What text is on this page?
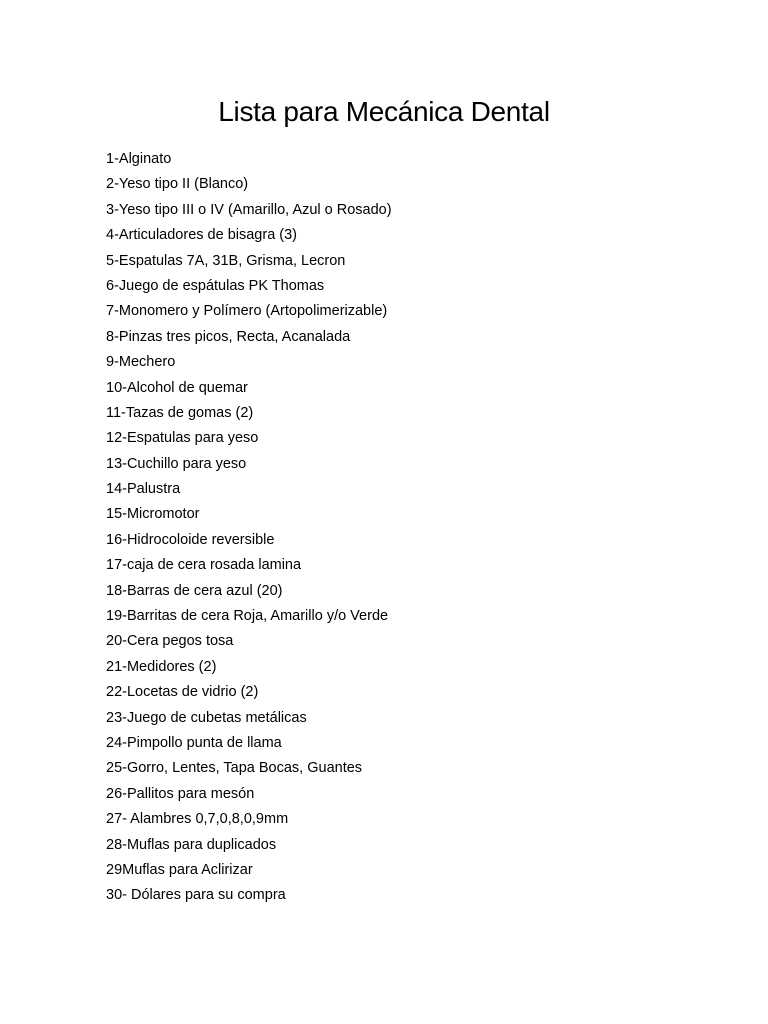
Lista para Mecánica Dental
1-Alginato
2-Yeso tipo II (Blanco)
3-Yeso tipo III o IV (Amarillo, Azul o Rosado)
4-Articuladores de bisagra (3)
5-Espatulas 7A, 31B, Grisma, Lecron
6-Juego de espátulas PK Thomas
7-Monomero y Polímero (Artopolimerizable)
8-Pinzas tres picos, Recta, Acanalada
9-Mechero
10-Alcohol de quemar
11-Tazas de gomas (2)
12-Espatulas para yeso
13-Cuchillo para yeso
14-Palustra
15-Micromotor
16-Hidrocoloide reversible
17-caja de cera rosada lamina
18-Barras de cera azul (20)
19-Barritas de cera Roja, Amarillo y/o Verde
20-Cera pegos tosa
21-Medidores (2)
22-Locetas de vidrio (2)
23-Juego de cubetas metálicas
24-Pimpollo punta de llama
25-Gorro, Lentes, Tapa Bocas, Guantes
26-Pallitos para mesón
27- Alambres 0,7,0,8,0,9mm
28-Muflas para duplicados
29Muflas para Aclirizar
30- Dólares para su compra
